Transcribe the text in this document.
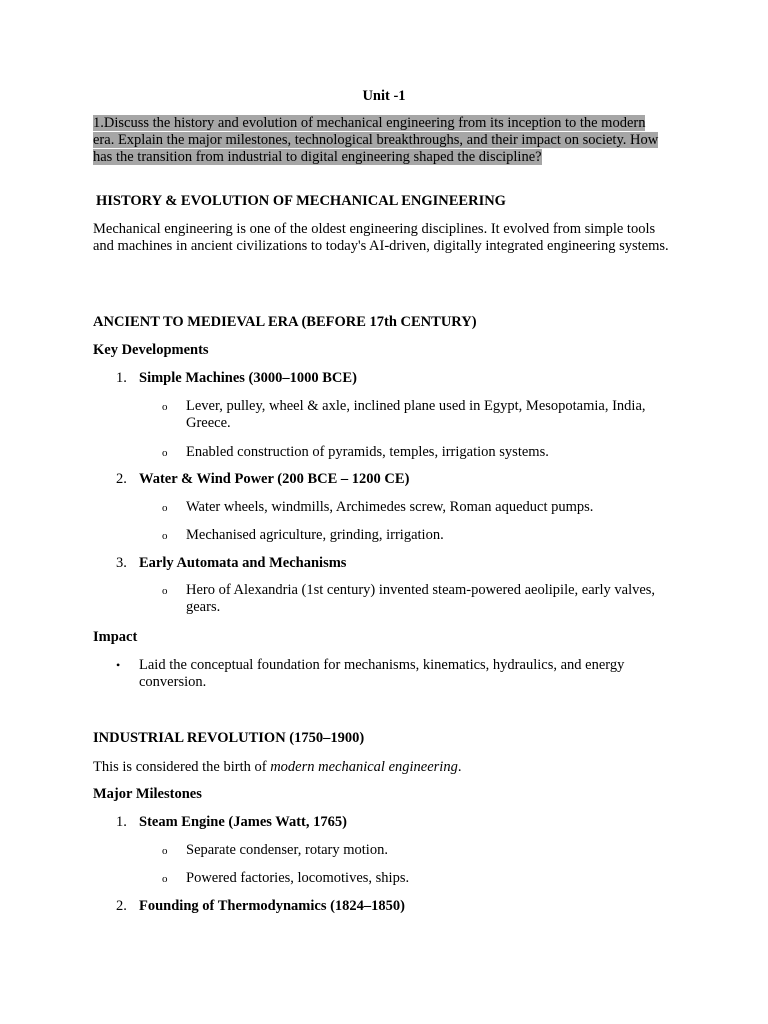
Unit -1

1.Discuss the history and evolution of mechanical engineering from its inception to the modern era. Explain the major milestones, technological breakthroughs, and their impact on society. How has the transition from industrial to digital engineering shaped the discipline?

HISTORY & EVOLUTION OF MECHANICAL ENGINEERING

Mechanical engineering is one of the oldest engineering disciplines. It evolved from simple tools and machines in ancient civilizations to today's AI-driven, digitally integrated engineering systems.

ANCIENT TO MEDIEVAL ERA (BEFORE 17th CENTURY)

Key Developments

1. Simple Machines (3000–1000 BCE)

o	Lever, pulley, wheel & axle, inclined plane used in Egypt, Mesopotamia, India, Greece.

o	Enabled construction of pyramids, temples, irrigation systems.

2. Water & Wind Power (200 BCE – 1200 CE)

o	Water wheels, windmills, Archimedes screw, Roman aqueduct pumps.

o	Mechanised agriculture, grinding, irrigation.

3. Early Automata and Mechanisms

o	Hero of Alexandria (1st century) invented steam-powered aeolipile, early valves, gears.

Impact

•	Laid the conceptual foundation for mechanisms, kinematics, hydraulics, and energy conversion.

INDUSTRIAL REVOLUTION (1750–1900)

This is considered the birth of modern mechanical engineering.

Major Milestones

1. Steam Engine (James Watt, 1765)

o	Separate condenser, rotary motion.

o	Powered factories, locomotives, ships.

2. Founding of Thermodynamics (1824–1850)
